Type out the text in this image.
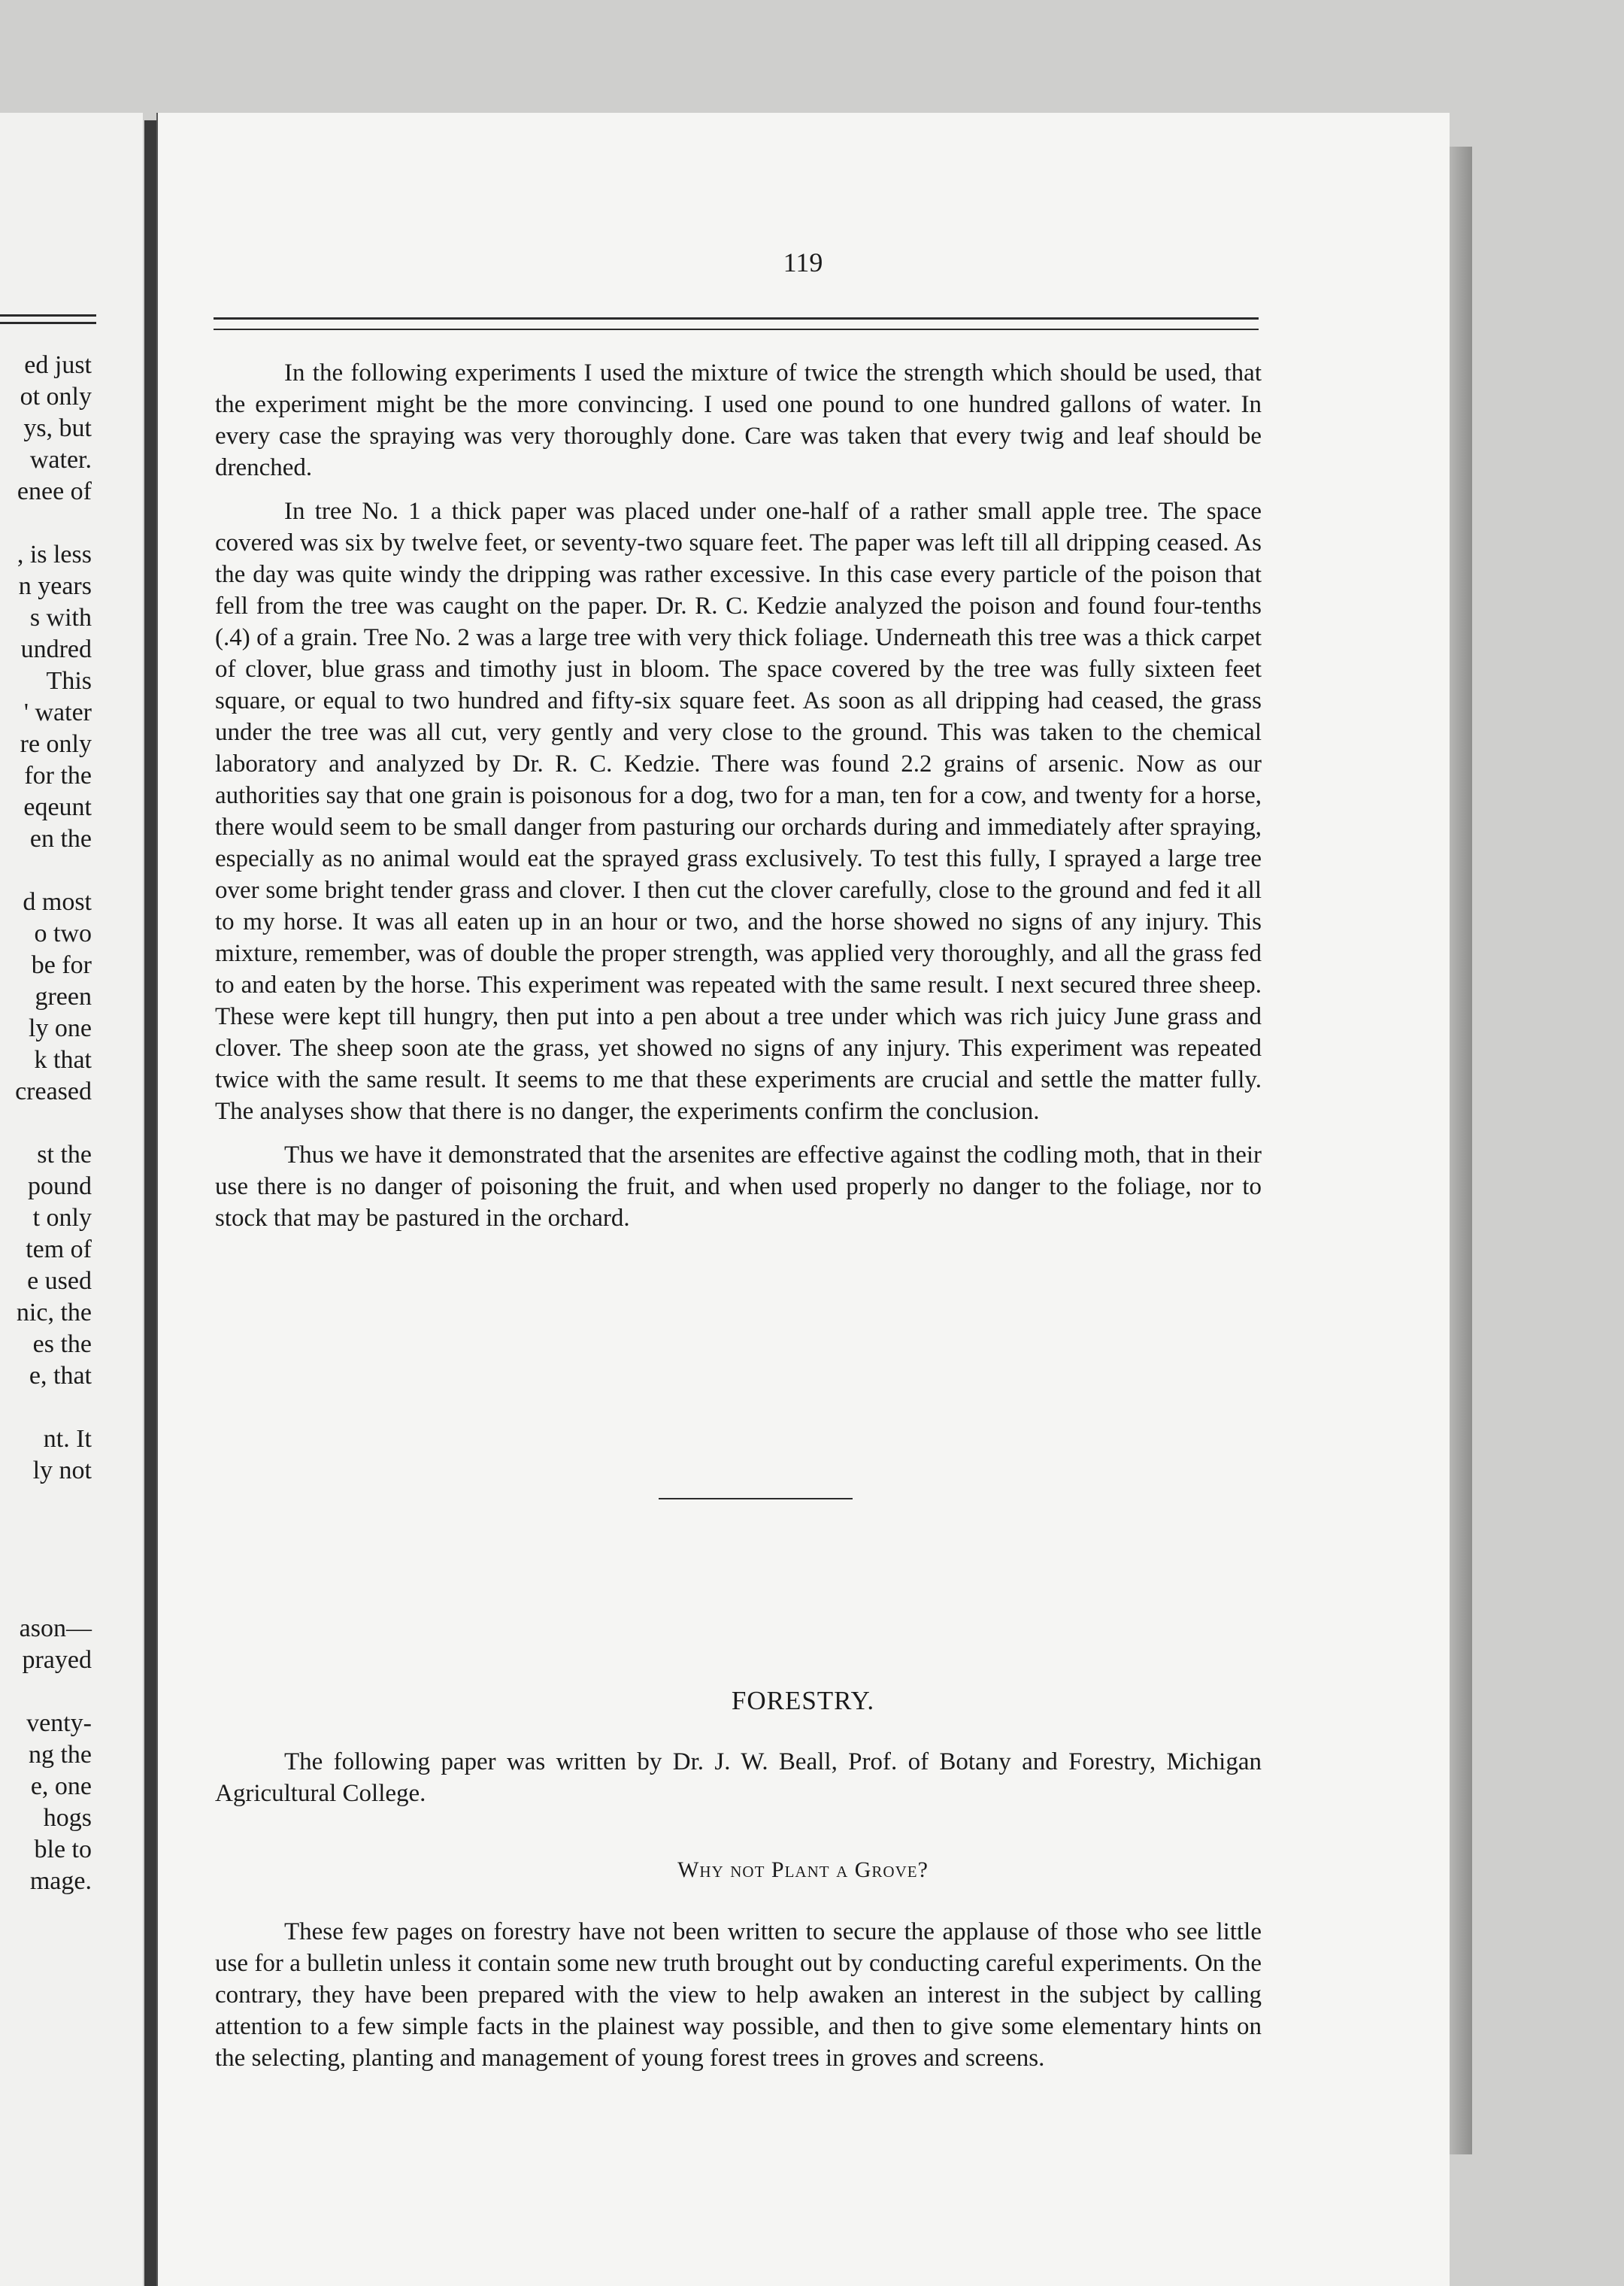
ed just
ot only
ys, but
water.
enee of

, is less
n years
s with
undred
This
' water
re only
for the
eqeunt
en the

d most
o two
be for
green
ly one
k that
creased

st the
pound
t only
tem of
e used
nic, the
es the
e, that

nt. It
ly not

ason—
prayed

venty-
ng the
e, one
hogs
ble to
mage.
119

In the following experiments I used the mixture of twice the strength which should be used, that the experiment might be the more convincing. I used one pound to one hundred gallons of water. In every case the spraying was very thoroughly done. Care was taken that every twig and leaf should be drenched.

In tree No. 1 a thick paper was placed under one-half of a rather small apple tree. The space covered was six by twelve feet, or seventy-two square feet. The paper was left till all dripping ceased. As the day was quite windy the dripping was rather excessive. In this case every particle of the poison that fell from the tree was caught on the paper. Dr. R. C. Kedzie analyzed the poison and found four-tenths (.4) of a grain. Tree No. 2 was a large tree with very thick foliage. Underneath this tree was a thick carpet of clover, blue grass and timothy just in bloom. The space covered by the tree was fully sixteen feet square, or equal to two hundred and fifty-six square feet. As soon as all dripping had ceased, the grass under the tree was all cut, very gently and very close to the ground. This was taken to the chemical laboratory and analyzed by Dr. R. C. Kedzie. There was found 2.2 grains of arsenic. Now as our authorities say that one grain is poisonous for a dog, two for a man, ten for a cow, and twenty for a horse, there would seem to be small danger from pasturing our orchards during and immediately after spraying, especially as no animal would eat the sprayed grass exclusively. To test this fully, I sprayed a large tree over some bright tender grass and clover. I then cut the clover carefully, close to the ground and fed it all to my horse. It was all eaten up in an hour or two, and the horse showed no signs of any injury. This mixture, remember, was of double the proper strength, was applied very thoroughly, and all the grass fed to and eaten by the horse. This experiment was repeated with the same result. I next secured three sheep. These were kept till hungry, then put into a pen about a tree under which was rich juicy June grass and clover. The sheep soon ate the grass, yet showed no signs of any injury. This experiment was repeated twice with the same result. It seems to me that these experiments are crucial and settle the matter fully. The analyses show that there is no danger, the experiments confirm the conclusion.

Thus we have it demonstrated that the arsenites are effective against the codling moth, that in their use there is no danger of poisoning the fruit, and when used properly no danger to the foliage, nor to stock that may be pastured in the orchard.

FORESTRY.

The following paper was written by Dr. J. W. Beall, Prof. of Botany and Forestry, Michigan Agricultural College.

Why not Plant a Grove?

These few pages on forestry have not been written to secure the applause of those who see little use for a bulletin unless it contain some new truth brought out by conducting careful experiments. On the contrary, they have been prepared with the view to help awaken an interest in the subject by calling attention to a few simple facts in the plainest way possible, and then to give some elementary hints on the selecting, planting and management of young forest trees in groves and screens.
